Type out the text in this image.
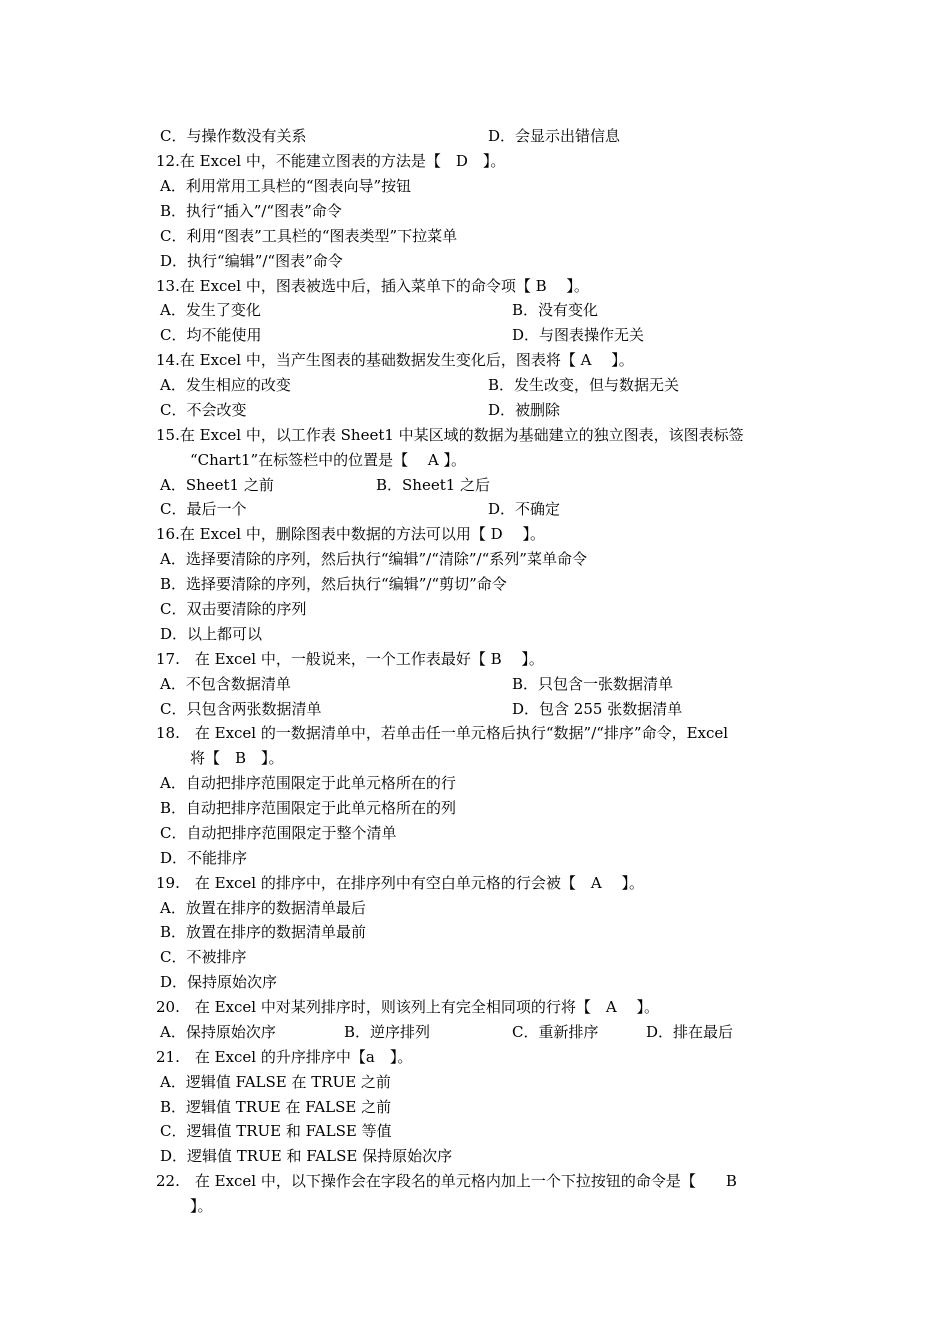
C．与操作数没有关系	D．会显示出错信息
12.在 Excel 中，不能建立图表的方法是【　D　】。
A．利用常用工具栏的“图表向导”按钮
B．执行“插入”/“图表”命令
C．利用“图表”工具栏的“图表类型”下拉菜单
D．执行“编辑”/“图表”命令
13.在 Excel 中，图表被选中后，插入菜单下的命令项【 B　 】。
A．发生了变化	B．没有变化
C．均不能使用	D．与图表操作无关
14.在 Excel 中，当产生图表的基础数据发生变化后，图表将【 A　 】。
A．发生相应的改变	B．发生改变，但与数据无关
C．不会改变	D．被删除
15.在 Excel 中，以工作表 Sheet1 中某区域的数据为基础建立的独立图表，该图表标签
“Chart1”在标签栏中的位置是【　 A 】。
A．Sheet1 之前	B．Sheet1 之后
C．最后一个	D．不确定
16.在 Excel 中，删除图表中数据的方法可以用【 D　 】。
A．选择要清除的序列，然后执行“编辑”/“清除”/“系列”菜单命令
B．选择要清除的序列，然后执行“编辑”/“剪切”命令
C．双击要清除的序列
D．以上都可以
17.　在 Excel 中，一般说来，一个工作表最好【 B　 】。
A．不包含数据清单	B．只包含一张数据清单
C．只包含两张数据清单	D．包含 255 张数据清单
18.　在 Excel 的一数据清单中，若单击任一单元格后执行“数据”/“排序”命令，Excel
将【　B　】。
A．自动把排序范围限定于此单元格所在的行
B．自动把排序范围限定于此单元格所在的列
C．自动把排序范围限定于整个清单
D．不能排序
19.　在 Excel 的排序中，在排序列中有空白单元格的行会被【　A　 】。
A．放置在排序的数据清单最后
B．放置在排序的数据清单最前
C．不被排序
D．保持原始次序
20.　在 Excel 中对某列排序时，则该列上有完全相同项的行将【　A　 】。
A．保持原始次序	B．逆序排列	C．重新排序	D．排在最后
21.　在 Excel 的升序排序中【a　】。
A．逻辑值 FALSE 在 TRUE 之前
B．逻辑值 TRUE 在 FALSE 之前
C．逻辑值 TRUE 和 FALSE 等值
D．逻辑值 TRUE 和 FALSE 保持原始次序
22.　在 Excel 中，以下操作会在字段名的单元格内加上一个下拉按钮的命令是【　　B
】。
